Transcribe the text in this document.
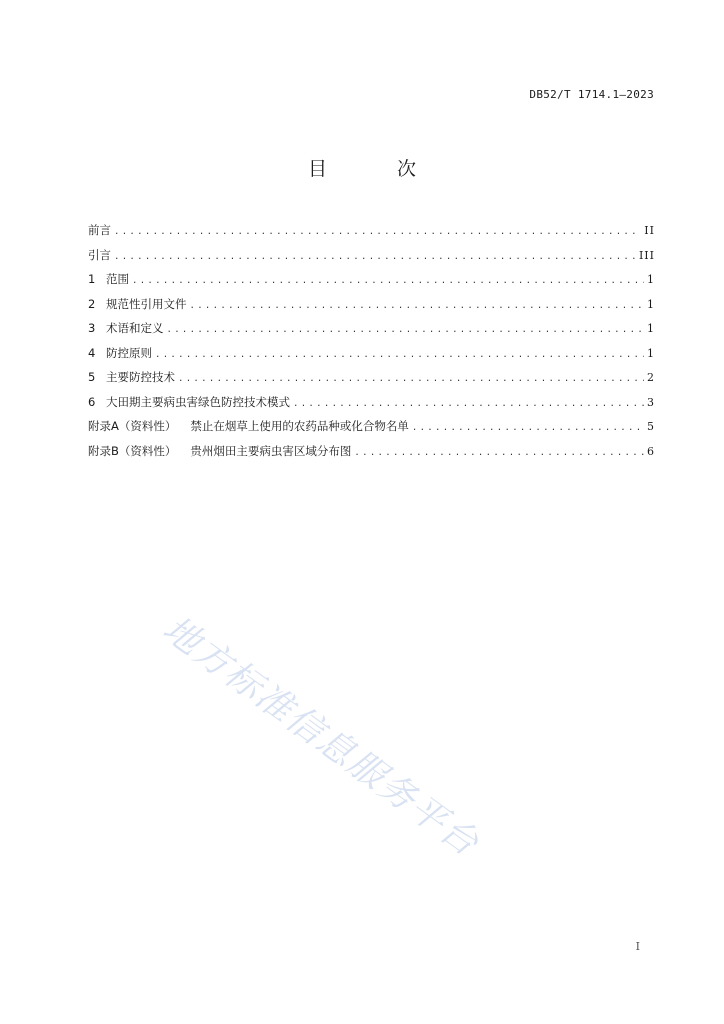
DB52/T 1714.1—2023
目 次
前言 .....	II
引言 .....	III
1 范围 .....	1
2 规范性引用文件 .....	1
3 术语和定义 .....	1
4 防控原则 .....	1
5 主要防控技术 .....	2
6 大田期主要病虫害绿色防控技术模式 .....	3
附录A（资料性） 禁止在烟草上使用的农药品种或化合物名单 .....	5
附录B（资料性） 贵州烟田主要病虫害区域分布图 .....	6
地方标准信息服务平台
I
